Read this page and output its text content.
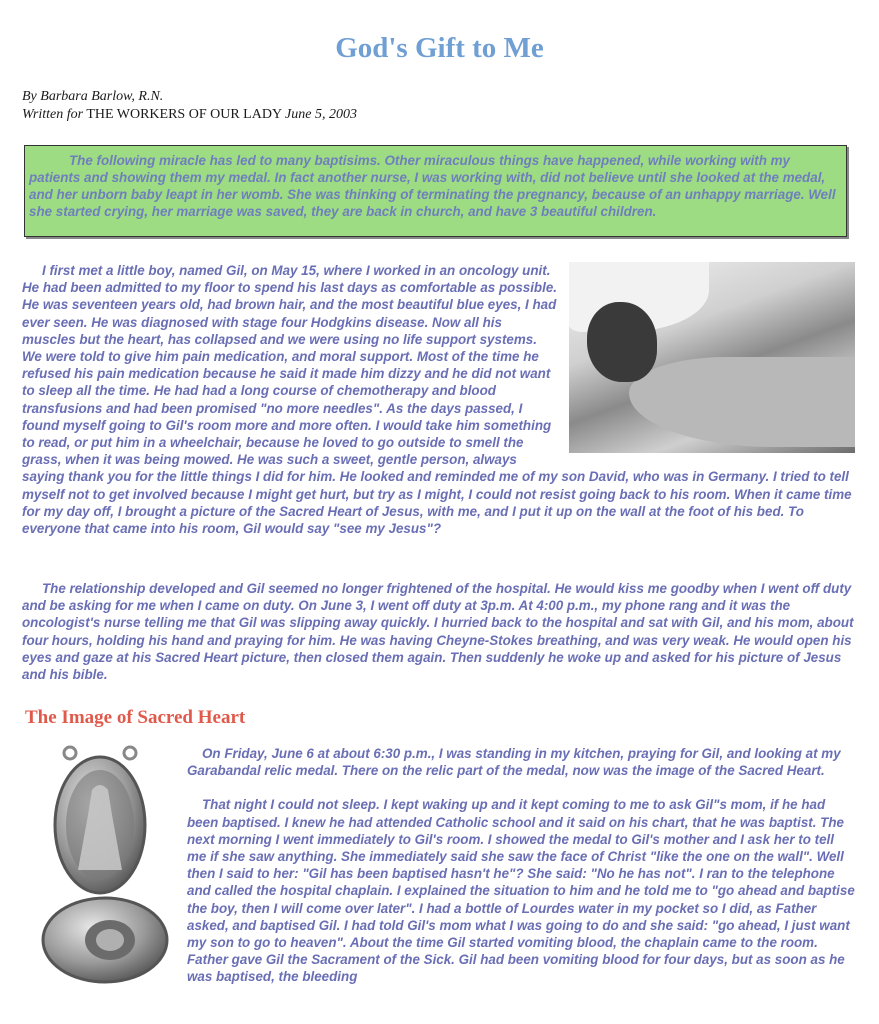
God's Gift to Me
By Barbara Barlow, R.N.
Written for THE WORKERS OF OUR LADY June 5, 2003

The following miracle has led to many baptisims. Other miraculous things have happened, while working with my patients and showing them my medal. In fact another nurse, I was working with, did not believe until she looked at the medal, and her unborn baby leapt in her womb. She was thinking of terminating the pregnancy, because of an unhappy marriage. Well she started crying, her marriage was saved, they are back in church, and have 3 beautiful children.

I first met a little boy, named Gil, on May 15, where I worked in an oncology unit. He had been admitted to my floor to spend his last days as comfortable as possible. He was seventeen years old, had brown hair, and the most beautiful blue eyes, I had ever seen. He was diagnosed with stage four Hodgkins disease. Now all his muscles but the heart, has collapsed and we were using no life support systems. We were told to give him pain medication, and moral support. Most of the time he refused his pain medication because he said it made him dizzy and he did not want to sleep all the time. He had had a long course of chemotherapy and blood transfusions and had been promised "no more needles". As the days passed, I found myself going to Gil's room more and more often. I would take him something to read, or put him in a wheelchair, because he loved to go outside to smell the grass, when it was being mowed. He was such a sweet, gentle person, always saying thank you for the little things I did for him. He looked and reminded me of my son David, who was in Germany. I tried to tell myself not to get involved because I might get hurt, but try as I might, I could not resist going back to his room. When it came time for my day off, I brought a picture of the Sacred Heart of Jesus, with me, and I put it up on the wall at the foot of his bed. To everyone that came into his room, Gil would say "see my Jesus"?

The relationship developed and Gil seemed no longer frightened of the hospital. He would kiss me goodby when I went off duty and be asking for me when I came on duty. On June 3, I went off duty at 3p.m. At 4:00 p.m., my phone rang and it was the oncologist's nurse telling me that Gil was slipping away quickly. I hurried back to the hospital and sat with Gil, and his mom, about four hours, holding his hand and praying for him. He was having Cheyne-Stokes breathing, and was very weak. He would open his eyes and gaze at his Sacred Heart picture, then closed them again. Then suddenly he woke up and asked for his picture of Jesus and his bible.

The Image of Sacred Heart

On Friday, June 6 at about 6:30 p.m., I was standing in my kitchen, praying for Gil, and looking at my Garabandal relic medal. There on the relic part of the medal, now was the image of the Sacred Heart.

That night I could not sleep. I kept waking up and it kept coming to me to ask Gil"s mom, if he had been baptised. I knew he had attended Catholic school and it said on his chart, that he was baptist. The next morning I went immediately to Gil's room. I showed the medal to Gil's mother and I ask her to tell me if she saw anything. She immediately said she saw the face of Christ "like the one on the wall". Well then I said to her: "Gil has been baptised hasn't he"? She said: "No he has not". I ran to the telephone and called the hospital chaplain. I explained the situation to him and he told me to "go ahead and baptise the boy, then I will come over later". I had a bottle of Lourdes water in my pocket so I did, as Father asked, and baptised Gil. I had told Gil's mom what I was going to do and she said: "go ahead, I just want my son to go to heaven". About the time Gil started vomiting blood, the chaplain came to the room. Father gave Gil the Sacrament of the Sick. Gil had been vomiting blood for four days, but as soon as he was baptised, the bleeding
